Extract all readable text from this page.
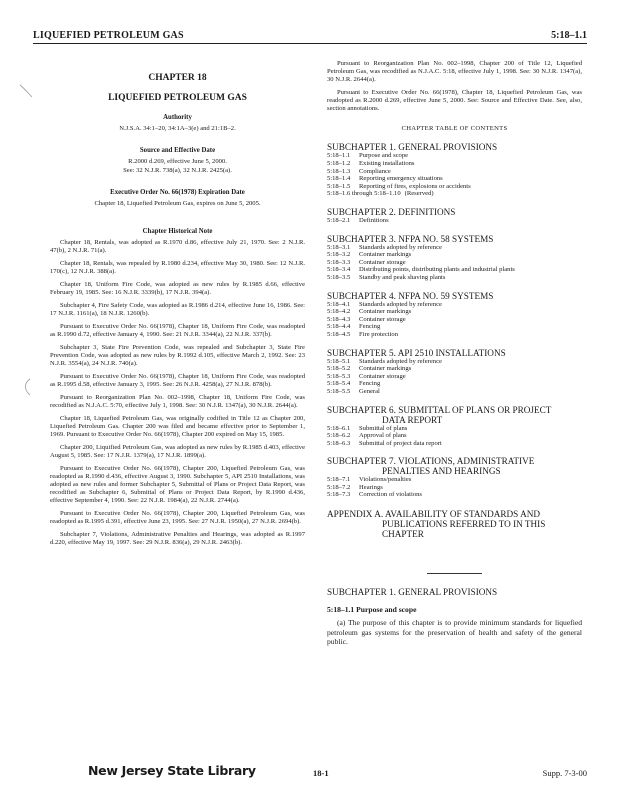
LIQUEFIED PETROLEUM GAS	5:18–1.1
CHAPTER 18
LIQUEFIED PETROLEUM GAS
Authority
N.J.S.A. 34:1–20, 34:1A–3(e) and 21:1B–2.
Source and Effective Date
R.2000 d.269, effective June 5, 2000.
See: 32 N.J.R. 738(a), 32 N.J.R. 2425(a).
Executive Order No. 66(1978) Expiration Date
Chapter 18, Liquefied Petroleum Gas, expires on June 5, 2005.
Chapter Historical Note

Chapter 18, Rentals, was adopted as R.1970 d.86, effective July 21, 1970. See: 2 N.J.R. 47(b), 2 N.J.R. 71(a).

Chapter 18, Rentals, was repealed by R.1980 d.234, effective May 30, 1980. See: 12 N.J.R. 170(c), 12 N.J.R. 388(a).

Chapter 18, Uniform Fire Code, was adopted as new rules by R.1985 d.66, effective February 19, 1985. See: 16 N.J.R. 3339(b), 17 N.J.R. 394(a).

Subchapter 4, Fire Safety Code, was adopted as R.1986 d.214, effective June 16, 1986. See: 17 N.J.R. 1161(a), 18 N.J.R. 1260(b).

Pursuant to Executive Order No. 66(1978), Chapter 18, Uniform Fire Code, was readopted as R.1990 d.72, effective January 4, 1990. See: 21 N.J.R. 3344(a), 22 N.J.R. 337(b).

Subchapter 3, State Fire Prevention Code, was repealed and Subchapter 3, State Fire Prevention Code, was adopted as new rules by R.1992 d.105, effective March 2, 1992. See: 23 N.J.R. 3554(a), 24 N.J.R. 740(a).

Pursuant to Executive Order No. 66(1978), Chapter 18, Uniform Fire Code, was readopted as R.1995 d.58, effective January 3, 1995. See: 26 N.J.R. 4258(a), 27 N.J.R. 878(b).

Pursuant to Reorganization Plan No. 002–1998, Chapter 18, Uniform Fire Code, was recodified as N.J.A.C. 5:70, effective July 1, 1998. See: 30 N.J.R. 1347(a), 30 N.J.R. 2644(a).

Chapter 18, Liquefied Petroleum Gas, was originally codified in Title 12 as Chapter 200, Liquefied Petroleum Gas. Chapter 200 was filed and became effective prior to September 1, 1969. Pursuant to Executive Order No. 66(1978), Chapter 200 expired on May 15, 1985.

Chapter 200, Liquified Petroleum Gas, was adopted as new rules by R.1985 d.403, effective August 5, 1985. See: 17 N.J.R. 1379(a), 17 N.J.R. 1899(a).

Pursuant to Executive Order No. 66(1978), Chapter 200, Liquefied Petroleum Gas, was readopted as R.1990 d.436, effective August 3, 1990. Subchapter 5, API 2510 Installations, was adopted as new rules and former Subchapter 5, Submittal of Plans or Project Data Report, was recodified as Subchapter 6, Submittal of Plans or Project Data Report, by R.1990 d.436, effective September 4, 1990. See: 22 N.J.R. 1984(a), 22 N.J.R. 2744(a).

Pursuant to Executive Order No. 66(1978), Chapter 200, Liquefied Petroleum Gas, was readopted as R.1995 d.391, effective June 23, 1995. See: 27 N.J.R. 1950(a), 27 N.J.R. 2694(b).

Subchapter 7, Violations, Administrative Penalties and Hearings, was adopted as R.1997 d.220, effective May 19, 1997. See: 29 N.J.R. 836(a), 29 N.J.R. 2463(b).

Pursuant to Reorganization Plan No. 002–1998, Chapter 200 of Title 12, Liquefied Petroleum Gas, was recodified as N.J.A.C. 5:18, effective July 1, 1998. See: 30 N.J.R. 1347(a), 30 N.J.R. 2644(a).

Pursuant to Executive Order No. 66(1978), Chapter 18, Liquefied Petroleum Gas, was readopted as R.2000 d.269, effective June 5, 2000. See: Source and Effective Date. See, also, section annotations.

CHAPTER TABLE OF CONTENTS
SUBCHAPTER 1. GENERAL PROVISIONS
5:18–1.1	Purpose and scope
5:18–1.2	Existing installations
5:18–1.3	Compliance
5:18–1.4	Reporting emergency situations
5:18–1.5	Reporting of fires, explosions or accidents
5:18–1.6 through 5:18–1.10 (Reserved)
SUBCHAPTER 2. DEFINITIONS
5:18–2.1	Definitions
SUBCHAPTER 3. NFPA NO. 58 SYSTEMS
5:18–3.1	Standards adopted by reference
5:18–3.2	Container markings
5:18–3.3	Container storage
5:18–3.4	Distributing points, distributing plants and industrial plants
5:18–3.5	Standby and peak shaving plants
SUBCHAPTER 4. NFPA NO. 59 SYSTEMS
5:18–4.1	Standards adopted by reference
5:18–4.2	Container markings
5:18–4.3	Container storage
5:18–4.4	Fencing
5:18–4.5	Fire protection
SUBCHAPTER 5. API 2510 INSTALLATIONS
5:18–5.1	Standards adopted by reference
5:18–5.2	Container markings
5:18–5.3	Container storage
5:18–5.4	Fencing
5:18–5.5	General
SUBCHAPTER 6. SUBMITTAL OF PLANS OR PROJECT
DATA REPORT
5:18–6.1	Submittal of plans
5:18–6.2	Approval of plans
5:18–6.3	Submittal of project data report
SUBCHAPTER 7. VIOLATIONS, ADMINISTRATIVE
PENALTIES AND HEARINGS
5:18–7.1	Violations/penalties
5:18–7.2	Hearings
5:18–7.3	Correction of violations
APPENDIX A. AVAILABILITY OF STANDARDS AND
PUBLICATIONS REFERRED TO IN THIS
CHAPTER
SUBCHAPTER 1. GENERAL PROVISIONS
5:18–1.1 Purpose and scope
(a) The purpose of this chapter is to provide minimum standards for liquefied petroleum gas systems for the preservation of health and safety of the general public.
New Jersey State Library	18-1	Supp. 7-3-00
